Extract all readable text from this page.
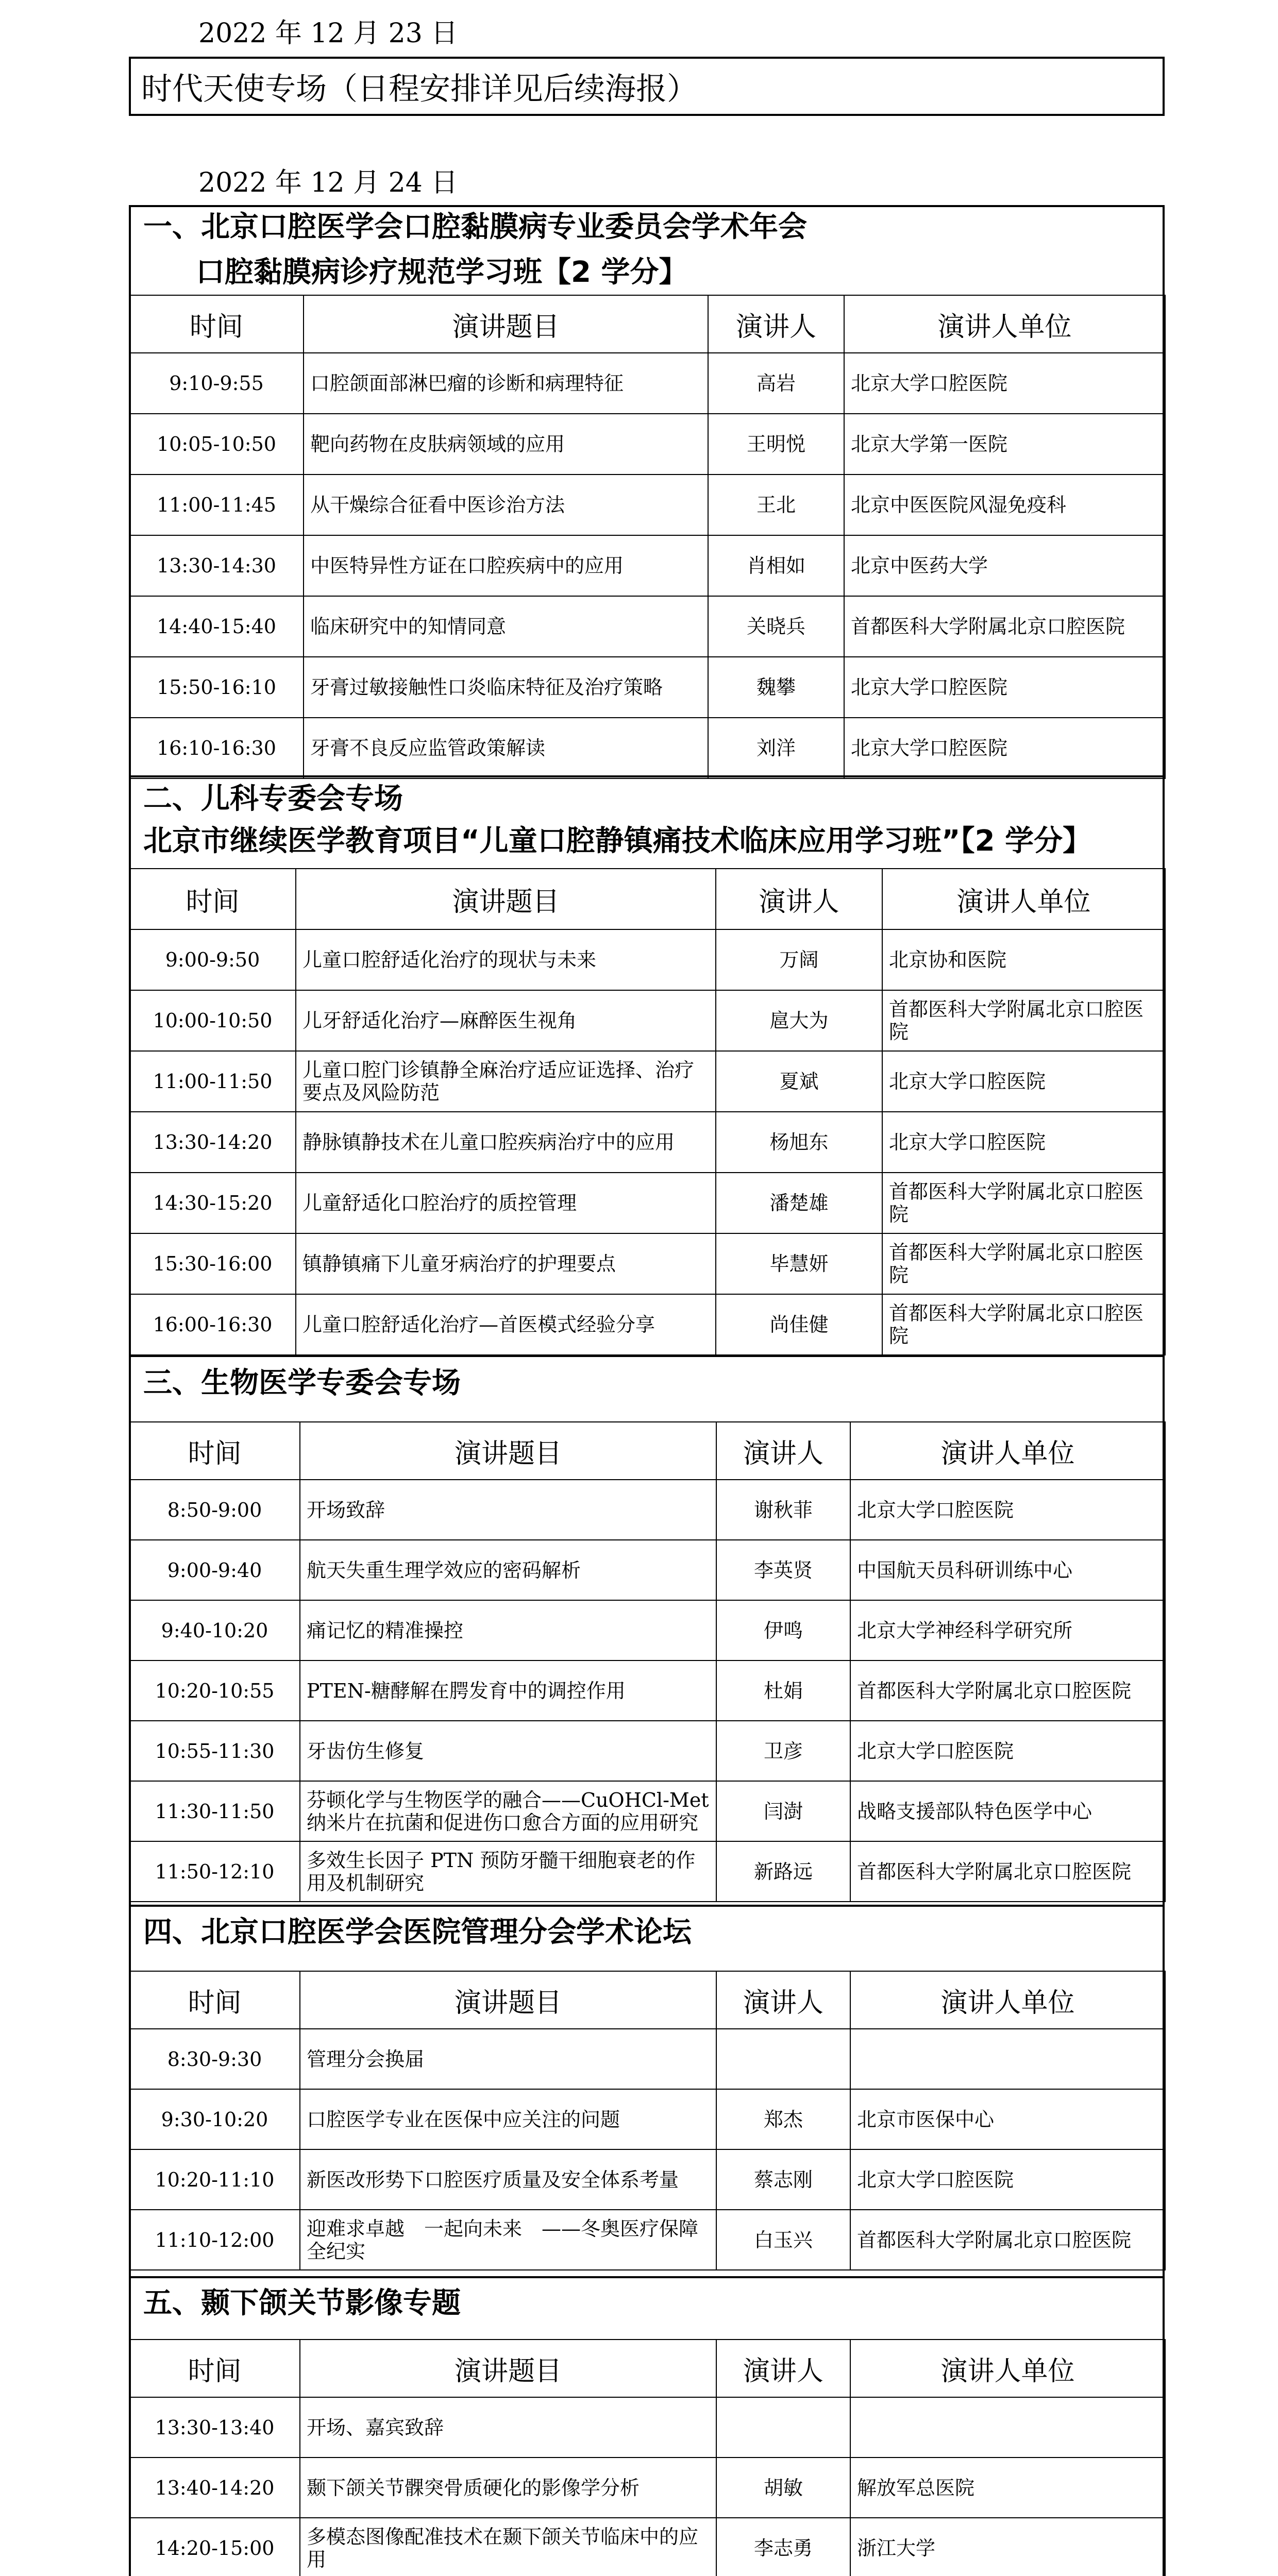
2022 年 12 月 23 日
时代天使专场（日程安排详见后续海报）
2022 年 12 月 24 日
一、北京口腔医学会口腔黏膜病专业委员会学术年会
口腔黏膜病诊疗规范学习班【2 学分】
时间	演讲题目	演讲人	演讲人单位
9:10-9:55	口腔颌面部淋巴瘤的诊断和病理特征	高岩	北京大学口腔医院
10:05-10:50	靶向药物在皮肤病领域的应用	王明悦	北京大学第一医院
11:00-11:45	从干燥综合征看中医诊治方法	王北	北京中医医院风湿免疫科
13:30-14:30	中医特异性方证在口腔疾病中的应用	肖相如	北京中医药大学
14:40-15:40	临床研究中的知情同意	关晓兵	首都医科大学附属北京口腔医院
15:50-16:10	牙膏过敏接触性口炎临床特征及治疗策略	魏攀	北京大学口腔医院
16:10-16:30	牙膏不良反应监管政策解读	刘洋	北京大学口腔医院
二、儿科专委会专场
北京市继续医学教育项目“儿童口腔静镇痛技术临床应用学习班”【2 学分】
时间	演讲题目	演讲人	演讲人单位
9:00-9:50	儿童口腔舒适化治疗的现状与未来	万阔	北京协和医院
10:00-10:50	儿牙舒适化治疗—麻醉医生视角	扈大为	首都医科大学附属北京口腔医院
11:00-11:50	儿童口腔门诊镇静全麻治疗适应证选择、治疗要点及风险防范	夏斌	北京大学口腔医院
13:30-14:20	静脉镇静技术在儿童口腔疾病治疗中的应用	杨旭东	北京大学口腔医院
14:30-15:20	儿童舒适化口腔治疗的质控管理	潘楚雄	首都医科大学附属北京口腔医院
15:30-16:00	镇静镇痛下儿童牙病治疗的护理要点	毕慧妍	首都医科大学附属北京口腔医院
16:00-16:30	儿童口腔舒适化治疗—首医模式经验分享	尚佳健	首都医科大学附属北京口腔医院
三、生物医学专委会专场
时间	演讲题目	演讲人	演讲人单位
8:50-9:00	开场致辞	谢秋菲	北京大学口腔医院
9:00-9:40	航天失重生理学效应的密码解析	李英贤	中国航天员科研训练中心
9:40-10:20	痛记忆的精准操控	伊鸣	北京大学神经科学研究所
10:20-10:55	PTEN-糖酵解在腭发育中的调控作用	杜娟	首都医科大学附属北京口腔医院
10:55-11:30	牙齿仿生修复	卫彦	北京大学口腔医院
11:30-11:50	芬顿化学与生物医学的融合——CuOHCl-Met 纳米片在抗菌和促进伤口愈合方面的应用研究	闫澍	战略支援部队特色医学中心
11:50-12:10	多效生长因子 PTN 预防牙髓干细胞衰老的作用及机制研究	新路远	首都医科大学附属北京口腔医院
四、北京口腔医学会医院管理分会学术论坛
时间	演讲题目	演讲人	演讲人单位
8:30-9:30	管理分会换届		
9:30-10:20	口腔医学专业在医保中应关注的问题	郑杰	北京市医保中心
10:20-11:10	新医改形势下口腔医疗质量及安全体系考量	蔡志刚	北京大学口腔医院
11:10-12:00	迎难求卓越　一起向未来　——冬奥医疗保障全纪实	白玉兴	首都医科大学附属北京口腔医院
五、颞下颌关节影像专题
时间	演讲题目	演讲人	演讲人单位
13:30-13:40	开场、嘉宾致辞		
13:40-14:20	颞下颌关节髁突骨质硬化的影像学分析	胡敏	解放军总医院
14:20-15:00	多模态图像配准技术在颞下颌关节临床中的应用	李志勇	浙江大学
